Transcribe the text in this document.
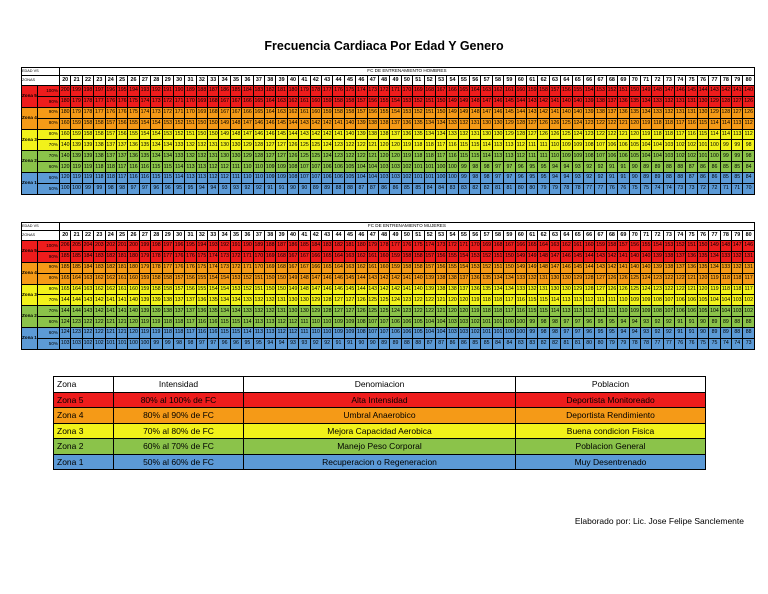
Frecuencia Cardiaca Por Edad Y Genero
EDAD VS		FC DE ENTRENAMIENTO HOMBRES																																																												
ZONAS		20	21	22	23	24	25	26	27	28	29	30	31	32	33	34	35	36	37	38	39	40	41	42	43	44	45	46	47	48	49	50	51	52	53	54	55	56	57	58	59	60	61	62	63	64	65	66	67	68	69	70	71	72	73	74	75	76	77	78	79	80
Zona 5	100%	200	199	198	197	196	195	194	193	192	191	190	189	188	187	186	185	184	183	182	181	180	179	178	177	176	175	174	173	172	171	170	169	168	167	166	165	164	163	162	161	160	159	158	157	156	155	154	153	152	151	150	149	148	147	146	145	144	143	142	141	140
	90%	180	179	178	177	176	176	175	174	173	172	171	170	169	168	167	167	166	165	164	163	162	161	160	159	158	158	157	156	155	154	153	152	151	150	149	149	148	147	146	145	144	143	142	141	140	140	139	138	137	136	135	134	133	132	131	131	130	129	128	127	126
Zona 4	90%	180	179	178	177	176	176	175	174	173	172	171	170	169	168	167	167	166	165	164	163	162	161	160	159	158	158	157	156	155	154	153	152	151	150	149	149	148	147	146	145	144	143	142	141	140	140	139	138	137	136	135	134	133	132	131	131	130	129	128	127	126
	80%	160	159	158	158	157	156	155	154	154	153	152	151	150	150	149	148	147	146	146	145	144	143	142	142	141	140	139	138	138	137	136	135	134	134	133	132	131	130	130	129	128	127	126	126	125	124	123	122	122	121	120	119	118	118	117	116	115	114	114	113	112
Zona 3	80%	160	159	158	158	157	156	155	154	154	153	152	151	150	150	149	148	147	146	146	145	144	143	142	142	141	140	139	138	138	137	136	135	134	134	133	132	131	130	130	129	128	127	126	126	125	124	123	122	122	121	120	119	118	118	117	116	115	114	114	113	112
	70%	140	139	139	138	137	137	136	135	134	134	133	132	132	131	130	130	129	128	127	127	126	125	125	124	123	122	122	121	120	120	119	118	118	117	116	115	115	114	113	113	112	111	111	110	109	109	108	107	106	106	105	104	104	103	102	102	101	100	99	99	98
Zona 2	70%	140	139	139	138	137	137	136	135	134	134	133	132	132	131	130	130	129	128	127	127	126	125	125	124	123	122	122	121	120	120	119	118	118	117	116	115	115	114	113	113	112	111	111	110	109	109	108	107	106	106	105	104	104	103	102	102	101	100	99	99	98
	60%	120	119	119	118	118	117	116	116	115	115	114	113	113	112	112	111	110	110	109	109	108	107	107	106	106	105	104	104	103	103	102	101	101	100	100	99	98	98	97	97	96	95	95	94	94	93	92	92	91	91	90	89	89	88	88	87	86	86	85	85	84
Zona 1	60%	120	119	119	118	118	117	116	116	115	115	114	113	113	112	112	111	110	110	109	109	108	107	107	106	106	105	104	104	103	103	102	101	101	100	100	99	98	98	97	97	96	95	95	94	94	93	92	92	91	91	90	89	89	88	88	87	86	86	85	85	84
	50%	100	100	99	99	98	98	97	97	96	96	95	95	94	94	93	93	92	92	91	91	90	90	89	89	88	88	87	87	86	86	85	85	84	84	83	83	82	82	81	81	80	80	79	79	78	78	77	77	76	76	75	75	74	74	73	73	72	72	71	71	70
EDAD VS		FC DE ENTRENAMIENTO MUJERES																																																												
ZONAS		20	21	22	23	24	25	26	27	28	29	30	31	32	33	34	35	36	37	38	39	40	41	42	43	44	45	46	47	48	49	50	51	52	53	54	55	56	57	58	59	60	61	62	63	64	65	66	67	68	69	70	71	72	73	74	75	76	77	78	79	80
Zona 5	100%	206	205	204	203	202	201	200	199	198	197	196	195	194	193	192	191	190	189	188	187	186	185	184	183	182	181	180	179	178	177	176	175	174	173	172	171	170	169	168	167	166	165	164	163	162	161	160	159	158	157	156	155	154	153	152	151	150	149	148	147	146
	90%	185	185	184	183	182	181	180	179	178	177	176	176	175	174	173	172	171	170	169	168	167	167	166	165	164	163	162	161	160	159	158	158	157	156	155	154	153	152	151	150	149	149	148	147	146	145	144	143	142	141	140	140	139	138	137	136	135	134	133	132	131
Zona 4	90%	185	185	184	183	182	181	180	179	178	177	176	176	175	174	173	172	171	170	169	168	167	167	166	165	164	163	162	161	160	159	158	158	157	156	155	154	153	152	151	150	149	149	148	147	146	145	144	143	142	141	140	140	139	138	137	136	135	134	133	132	131
	80%	165	164	163	162	162	161	160	159	158	158	157	156	155	154	154	153	152	151	150	150	149	148	147	146	146	145	144	143	142	142	141	140	139	138	138	137	136	135	134	134	133	132	131	130	130	129	128	127	126	126	125	124	123	122	122	121	120	119	118	118	117
Zona 3	80%	165	164	163	162	162	161	160	159	158	158	157	156	155	154	154	153	152	151	150	150	149	148	147	146	146	145	144	143	142	142	141	140	139	138	138	137	136	135	134	134	133	132	131	130	130	129	128	127	126	126	125	124	123	122	122	121	120	119	118	118	117
	70%	144	144	143	142	141	141	140	139	139	138	137	137	136	135	134	134	133	132	132	131	130	130	129	128	127	127	126	125	125	124	123	122	122	121	120	120	119	118	118	117	116	115	115	114	113	113	112	111	111	110	109	109	108	107	106	106	105	104	104	103	102
Zona 2	70%	144	144	143	142	141	141	140	139	139	138	137	137	136	135	134	134	133	132	132	131	130	130	129	128	127	127	126	125	125	124	123	122	122	121	120	120	119	118	118	117	116	115	115	114	113	113	112	111	111	110	109	109	108	107	106	106	105	104	104	103	102
	60%	124	123	122	122	121	121	120	119	119	118	118	117	116	116	115	115	114	113	113	112	112	111	110	110	109	109	108	107	107	106	106	105	104	104	103	103	102	101	101	100	100	99	98	98	97	97	96	95	95	94	94	93	92	92	91	91	90	89	89	88	88
Zona 1	60%	124	123	122	122	121	121	120	119	119	118	118	117	116	116	115	115	114	113	113	112	112	111	110	110	109	109	108	107	107	106	106	105	104	104	103	103	102	101	101	100	100	99	98	98	97	97	96	95	95	94	94	93	92	92	91	91	90	89	89	88	88
	50%	103	103	102	102	101	101	100	100	99	99	98	98	97	97	96	96	95	95	94	94	93	93	92	92	91	91	90	90	89	89	88	88	87	87	86	86	85	85	84	84	83	83	82	82	81	81	80	80	79	79	78	78	77	77	76	76	75	75	74	74	73
Zona	Intensidad	Denomiacion	Poblacion
Zona 5	80% al 100% de FC	Alta Intensidad	Deportista Monitoreado
Zona 4	80% al 90% de FC	Umbral Anaerobico	Deportista Rendimiento
Zona 3	70% al 80% de FC	Mejora Capacidad Aerobica	Buena condicion Fisica
Zona 2	60% al 70% de FC	Manejo Peso Corporal	Poblacion General
Zona 1	50% al 60% de FC	Recuperacion o Regeneracion	Muy Desentrenado
Elaborado por: Lic. Jose Felipe Sanclemente
